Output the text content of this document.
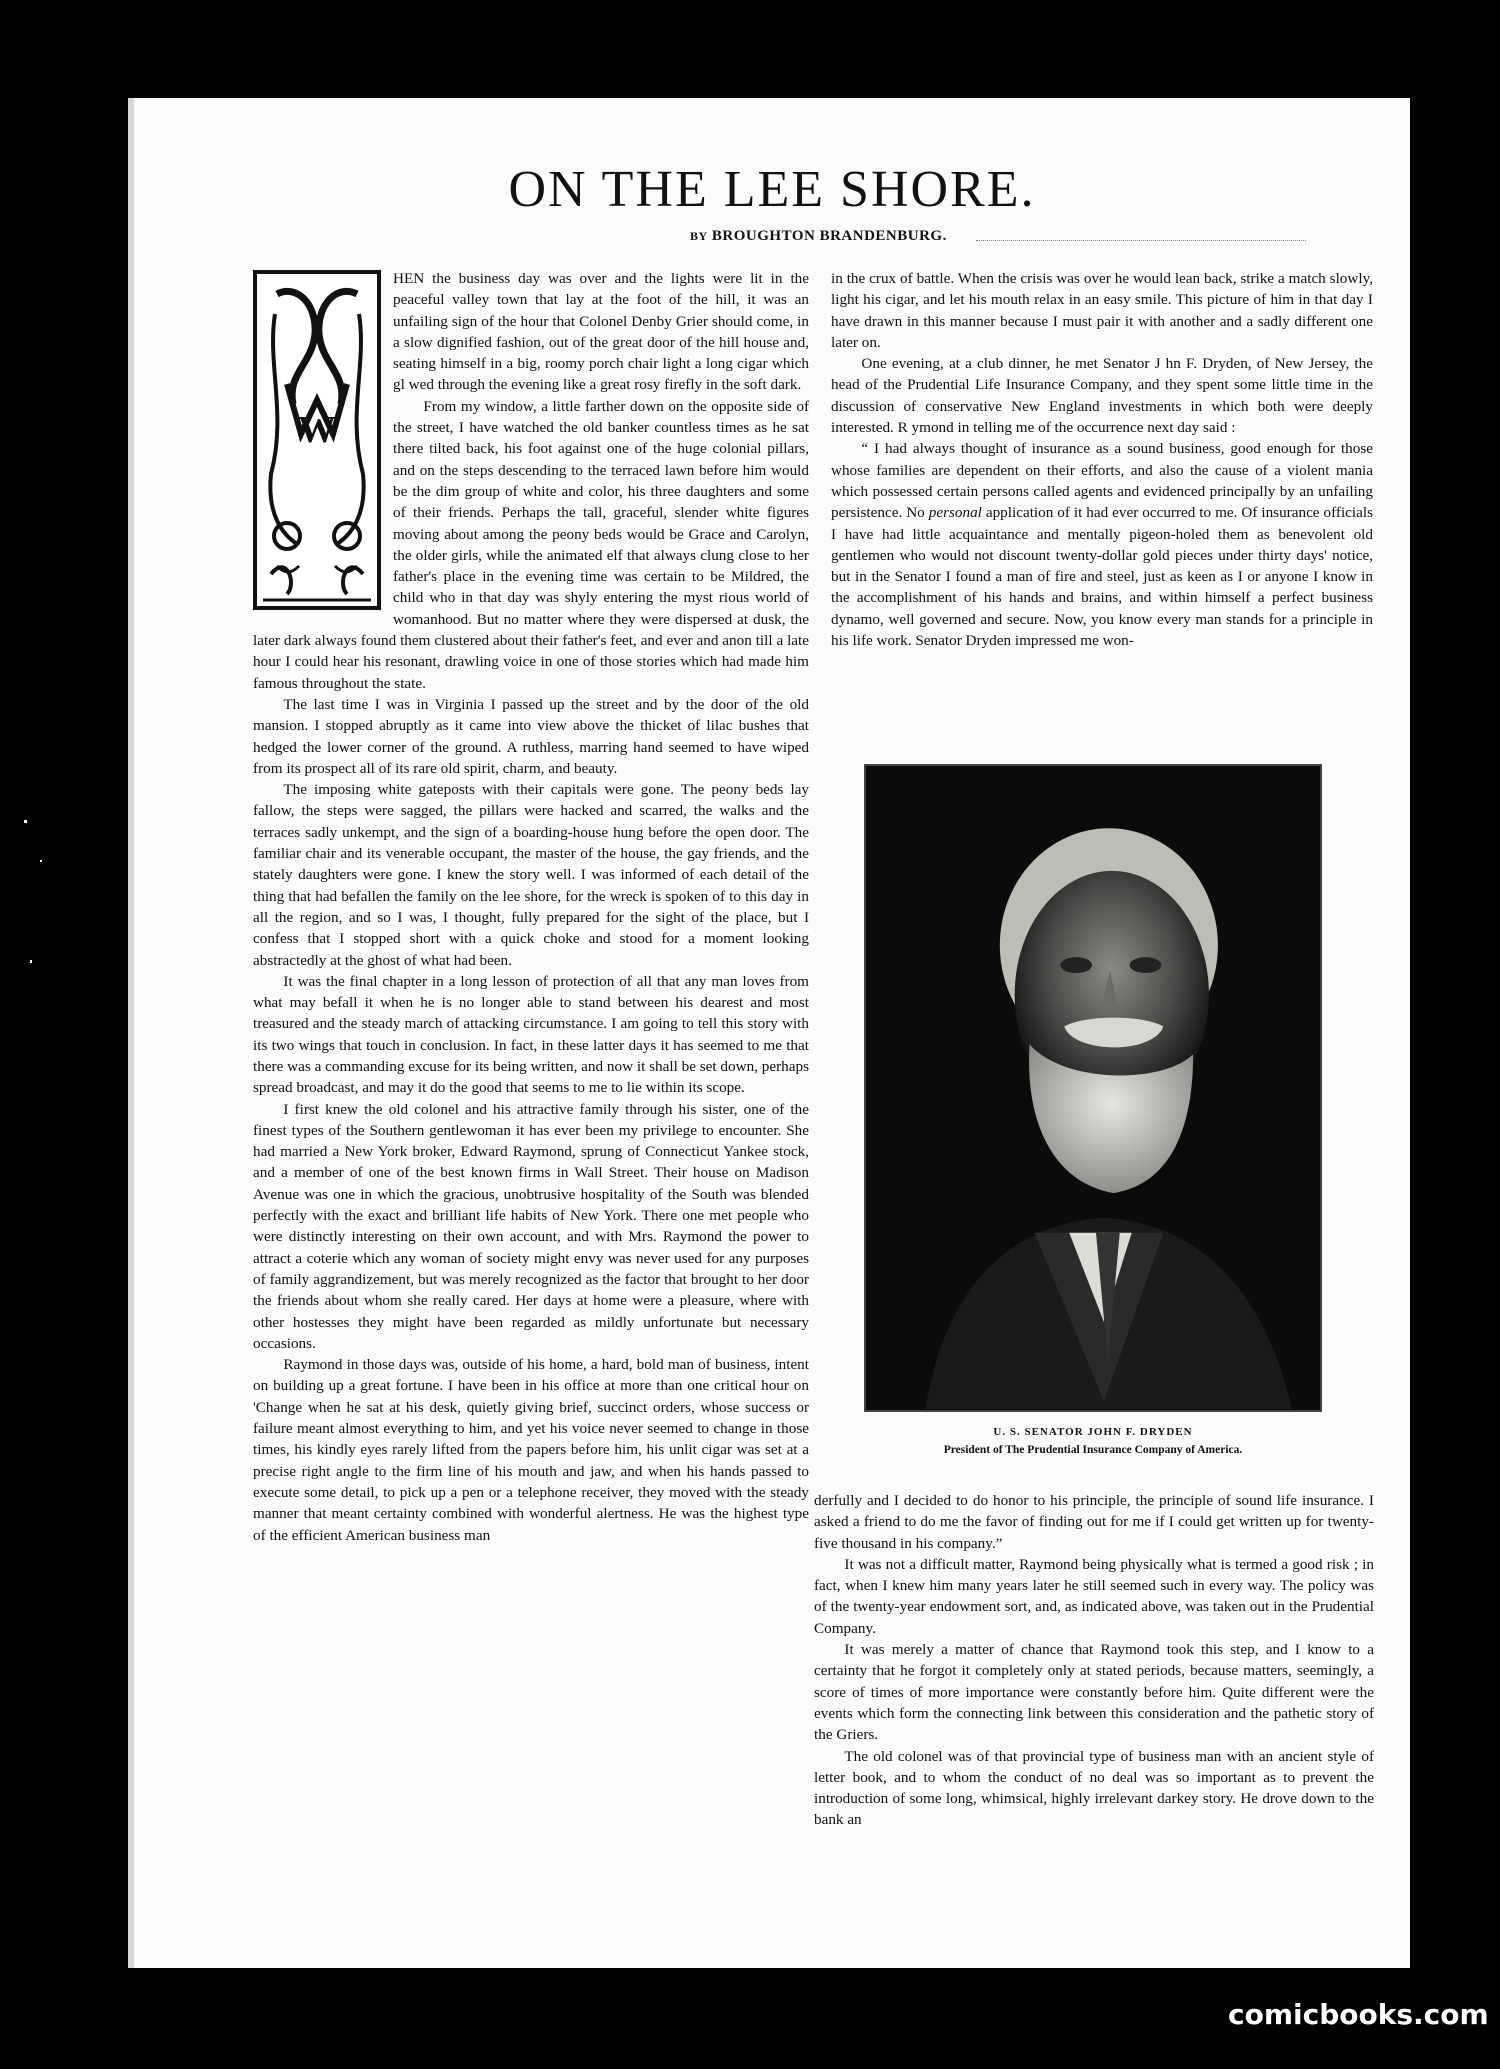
ON THE LEE SHORE.
BY BROUGHTON BRANDENBURG.
W

HEN the business day was over and the lights were lit in the peaceful valley town that lay at the foot of the hill, it was an unfailing sign of the hour that Colonel Denby Grier should come, in a slow dignified fashion, out of the great door of the hill house and, seating himself in a big, roomy porch chair light a long cigar which gl wed through the evening like a great rosy firefly in the soft dark.

From my window, a little farther down on the opposite side of the street, I have watched the old banker countless times as he sat there tilted back, his foot against one of the huge colonial pillars, and on the steps descending to the terraced lawn before him would be the dim group of white and color, his three daughters and some of their friends. Perhaps the tall, graceful, slender white figures moving about among the peony beds would be Grace and Carolyn, the older girls, while the animated elf that always clung close to her father's place in the evening time was certain to be Mildred, the child who in that day was shyly entering the myst rious world of womanhood. But no matter where they were dispersed at dusk, the later dark always found them clustered about their father's feet, and ever and anon till a late hour I could hear his resonant, drawling voice in one of those stories which had made him famous throughout the state.

The last time I was in Virginia I passed up the street and by the door of the old mansion. I stopped abruptly as it came into view above the thicket of lilac bushes that hedged the lower corner of the ground. A ruthless, marring hand seemed to have wiped from its prospect all of its rare old spirit, charm, and beauty.

The imposing white gateposts with their capitals were gone. The peony beds lay fallow, the steps were sagged, the pillars were hacked and scarred, the walks and the terraces sadly unkempt, and the sign of a boarding-house hung before the open door. The familiar chair and its venerable occupant, the master of the house, the gay friends, and the stately daughters were gone. I knew the story well. I was informed of each detail of the thing that had befallen the family on the lee shore, for the wreck is spoken of to this day in all the region, and so I was, I thought, fully prepared for the sight of the place, but I confess that I stopped short with a quick choke and stood for a moment looking abstractedly at the ghost of what had been.

It was the final chapter in a long lesson of protection of all that any man loves from what may befall it when he is no longer able to stand between his dearest and most treasured and the steady march of attacking circumstance. I am going to tell this story with its two wings that touch in conclusion. In fact, in these latter days it has seemed to me that there was a commanding excuse for its being written, and now it shall be set down, perhaps spread broadcast, and may it do the good that seems to me to lie within its scope.

I first knew the old colonel and his attractive family through his sister, one of the finest types of the Southern gentlewoman it has ever been my privilege to encounter. She had married a New York broker, Edward Raymond, sprung of Connecticut Yankee stock, and a member of one of the best known firms in Wall Street. Their house on Madison Avenue was one in which the gracious, unobtrusive hospitality of the South was blended perfectly with the exact and brilliant life habits of New York. There one met people who were distinctly interesting on their own account, and with Mrs. Raymond the power to attract a coterie which any woman of society might envy was never used for any purposes of family aggrandizement, but was merely recognized as the factor that brought to her door the friends about whom she really cared. Her days at home were a pleasure, where with other hostesses they might have been regarded as mildly unfortunate but necessary occasions.

Raymond in those days was, outside of his home, a hard, bold man of business, intent on building up a great fortune. I have been in his office at more than one critical hour on 'Change when he sat at his desk, quietly giving brief, succinct orders, whose success or failure meant almost everything to him, and yet his voice never seemed to change in those times, his kindly eyes rarely lifted from the papers before him, his unlit cigar was set at a precise right angle to the firm line of his mouth and jaw, and when his hands passed to execute some detail, to pick up a pen or a telephone receiver, they moved with the steady manner that meant certainty combined with wonderful alertness. He was the highest type of the efficient American business man

in the crux of battle. When the crisis was over he would lean back, strike a match slowly, light his cigar, and let his mouth relax in an easy smile. This picture of him in that day I have drawn in this manner because I must pair it with another and a sadly different one later on.

One evening, at a club dinner, he met Senator J hn F. Dryden, of New Jersey, the head of the Prudential Life Insurance Company, and they spent some little time in the discussion of conservative New England investments in which both were deeply interested. R ymond in telling me of the occurrence next day said :

“ I had always thought of insurance as a sound business, good enough for those whose families are dependent on their efforts, and also the cause of a violent mania which possessed certain persons called agents and evidenced principally by an unfailing persistence. No personal application of it had ever occurred to me. Of insurance officials I have had little acquaintance and mentally pigeon-holed them as benevolent old gentlemen who would not discount twenty-dollar gold pieces under thirty days' notice, but in the Senator I found a man of fire and steel, just as keen as I or anyone I know in the accomplishment of his hands and brains, and within himself a perfect business dynamo, well governed and secure. Now, you know every man stands for a principle in his life work. Senator Dryden impressed me won-

U. S. SENATOR JOHN F. DRYDEN
President of The Prudential Insurance Company of America.

derfully and I decided to do honor to his principle, the principle of sound life insurance. I asked a friend to do me the favor of finding out for me if I could get written up for twenty-five thousand in his company.”

It was not a difficult matter, Raymond being physically what is termed a good risk ; in fact, when I knew him many years later he still seemed such in every way. The policy was of the twenty-year endowment sort, and, as indicated above, was taken out in the Prudential Company.

It was merely a matter of chance that Raymond took this step, and I know to a certainty that he forgot it completely only at stated periods, because matters, seemingly, a score of times of more importance were constantly before him. Quite different were the events which form the connecting link between this consideration and the pathetic story of the Griers.

The old colonel was of that provincial type of business man with an ancient style of letter book, and to whom the conduct of no deal was so important as to prevent the introduction of some long, whimsical, highly irrelevant darkey story. He drove down to the bank an

comicbooks.com
